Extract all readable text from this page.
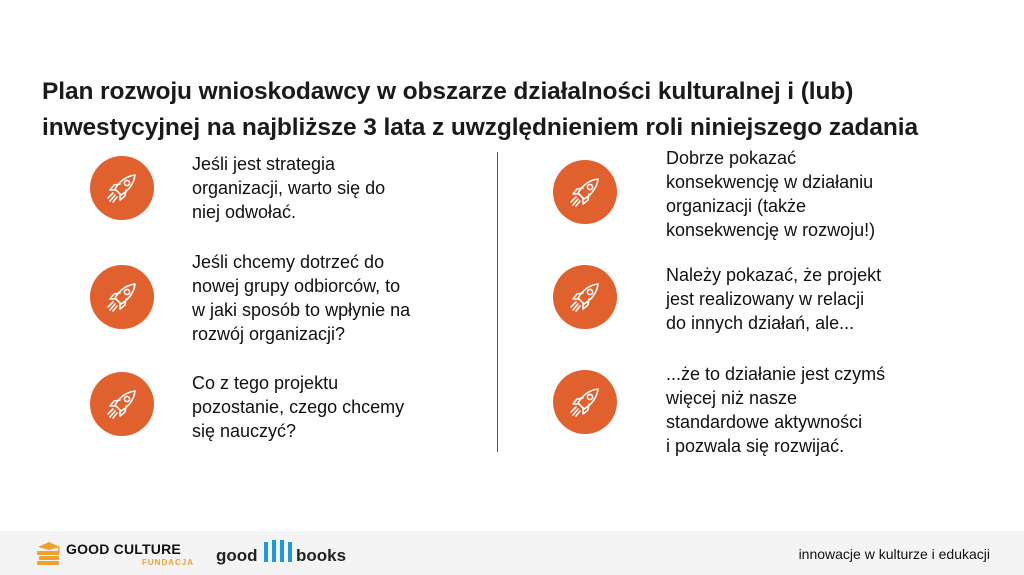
Plan rozwoju wnioskodawcy w obszarze działalności kulturalnej i (lub)
inwestycyjnej na najbliższe 3 lata z uwzględnieniem roli niniejszego zadania

Jeśli jest strategia

organizacji, warto się do

niej odwołać.

Jeśli chcemy dotrzeć do

nowej grupy odbiorców, to

w jaki sposób to wpłynie na

rozwój organizacji?

Co z tego projektu

pozostanie, czego chcemy

się nauczyć?

Dobrze pokazać

konsekwencję w działaniu

organizacji (także

konsekwencję w rozwoju!)

Należy pokazać, że projekt

jest realizowany w relacji

do innych działań, ale...

...że to działanie jest czymś

więcej niż nasze

standardowe aktywności

i pozwala się rozwijać.

GOOD CULTURE
FUNDACJA good books	innowacje w kulturze i edukacji
